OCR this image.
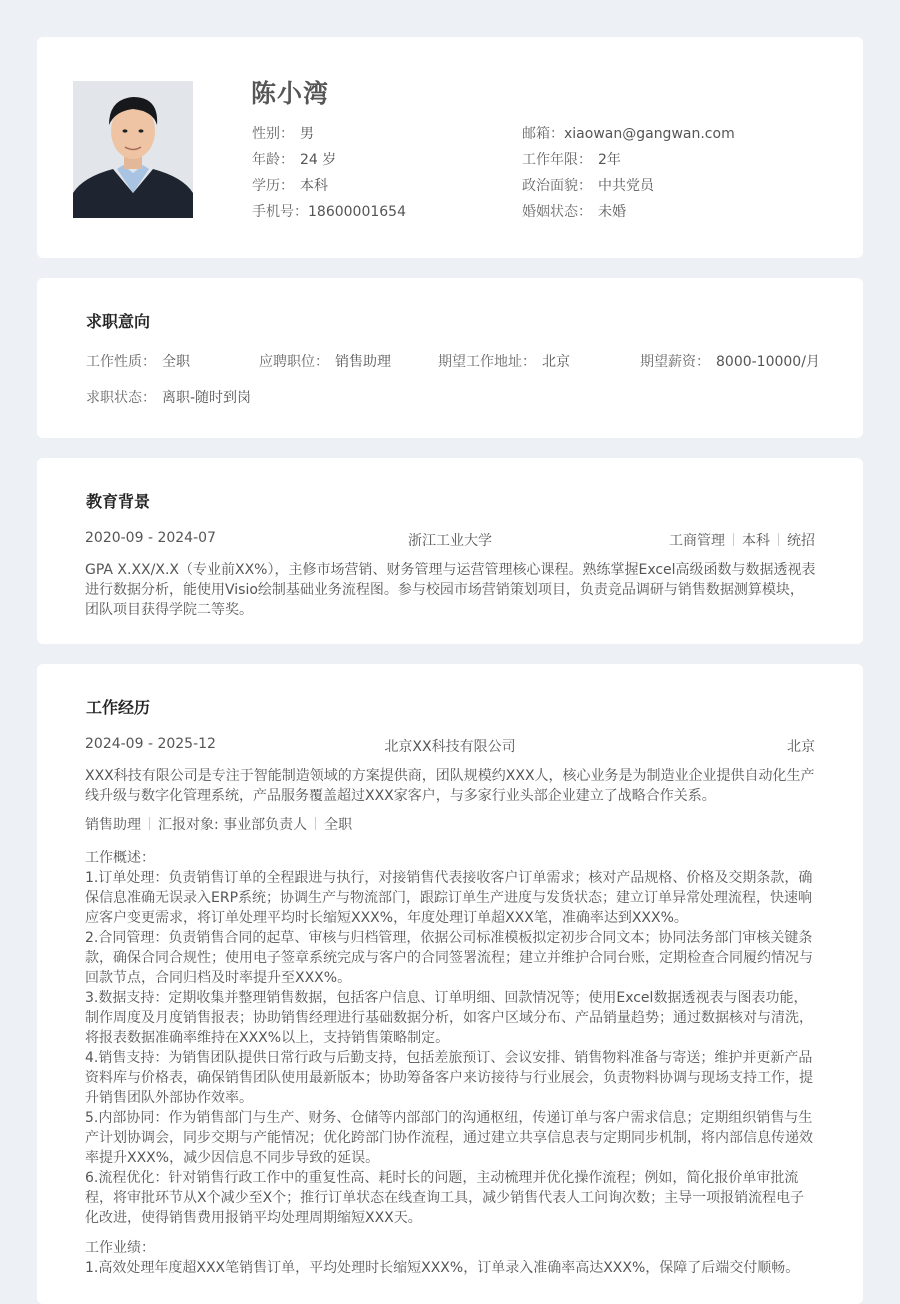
陈小湾
性别： 男
年龄： 24 岁
学历： 本科
手机号：18600001654
邮箱：xiaowan@gangwan.com
工作年限： 2年
政治面貌： 中共党员
婚姻状态： 未婚
求职意向
工作性质： 全职	应聘职位： 销售助理	期望工作地址： 北京	期望薪资： 8000-10000/月
求职状态： 离职-随时到岗
教育背景
2020-09 - 2024-07	浙江工业大学	工商管理 本科 统招
GPA X.XX/X.X（专业前XX%），主修市场营销、财务管理与运营管理核心课程。熟练掌握Excel高级函数与数据透视表
进行数据分析，能使用Visio绘制基础业务流程图。参与校园市场营销策划项目，负责竞品调研与销售数据测算模块，
团队项目获得学院二等奖。
工作经历
2024-09 - 2025-12	北京XX科技有限公司	北京
XXX科技有限公司是专注于智能制造领域的方案提供商，团队规模约XXX人，核心业务是为制造业企业提供自动化生产
线升级与数字化管理系统，产品服务覆盖超过XXX家客户，与多家行业头部企业建立了战略合作关系。
销售助理 汇报对象: 事业部负责人 全职
工作概述：
1.订单处理：负责销售订单的全程跟进与执行，对接销售代表接收客户订单需求；核对产品规格、价格及交期条款，确
保信息准确无误录入ERP系统；协调生产与物流部门，跟踪订单生产进度与发货状态；建立订单异常处理流程，快速响
应客户变更需求，将订单处理平均时长缩短XXX%，年度处理订单超XXX笔，准确率达到XXX%。
2.合同管理：负责销售合同的起草、审核与归档管理，依据公司标准模板拟定初步合同文本；协同法务部门审核关键条
款，确保合同合规性；使用电子签章系统完成与客户的合同签署流程；建立并维护合同台账，定期检查合同履约情况与
回款节点，合同归档及时率提升至XXX%。
3.数据支持：定期收集并整理销售数据，包括客户信息、订单明细、回款情况等；使用Excel数据透视表与图表功能，
制作周度及月度销售报表；协助销售经理进行基础数据分析，如客户区域分布、产品销量趋势；通过数据核对与清洗，
将报表数据准确率维持在XXX%以上，支持销售策略制定。
4.销售支持：为销售团队提供日常行政与后勤支持，包括差旅预订、会议安排、销售物料准备与寄送；维护并更新产品
资料库与价格表，确保销售团队使用最新版本；协助筹备客户来访接待与行业展会，负责物料协调与现场支持工作，提
升销售团队外部协作效率。
5.内部协同：作为销售部门与生产、财务、仓储等内部部门的沟通枢纽，传递订单与客户需求信息；定期组织销售与生
产计划协调会，同步交期与产能情况；优化跨部门协作流程，通过建立共享信息表与定期同步机制，将内部信息传递效
率提升XXX%，减少因信息不同步导致的延误。
6.流程优化：针对销售行政工作中的重复性高、耗时长的问题，主动梳理并优化操作流程；例如，简化报价单审批流
程，将审批环节从X个减少至X个；推行订单状态在线查询工具，减少销售代表人工问询次数；主导一项报销流程电子
化改进，使得销售费用报销平均处理周期缩短XXX天。
工作业绩：
1.高效处理年度超XXX笔销售订单，平均处理时长缩短XXX%，订单录入准确率高达XXX%，保障了后端交付顺畅。
